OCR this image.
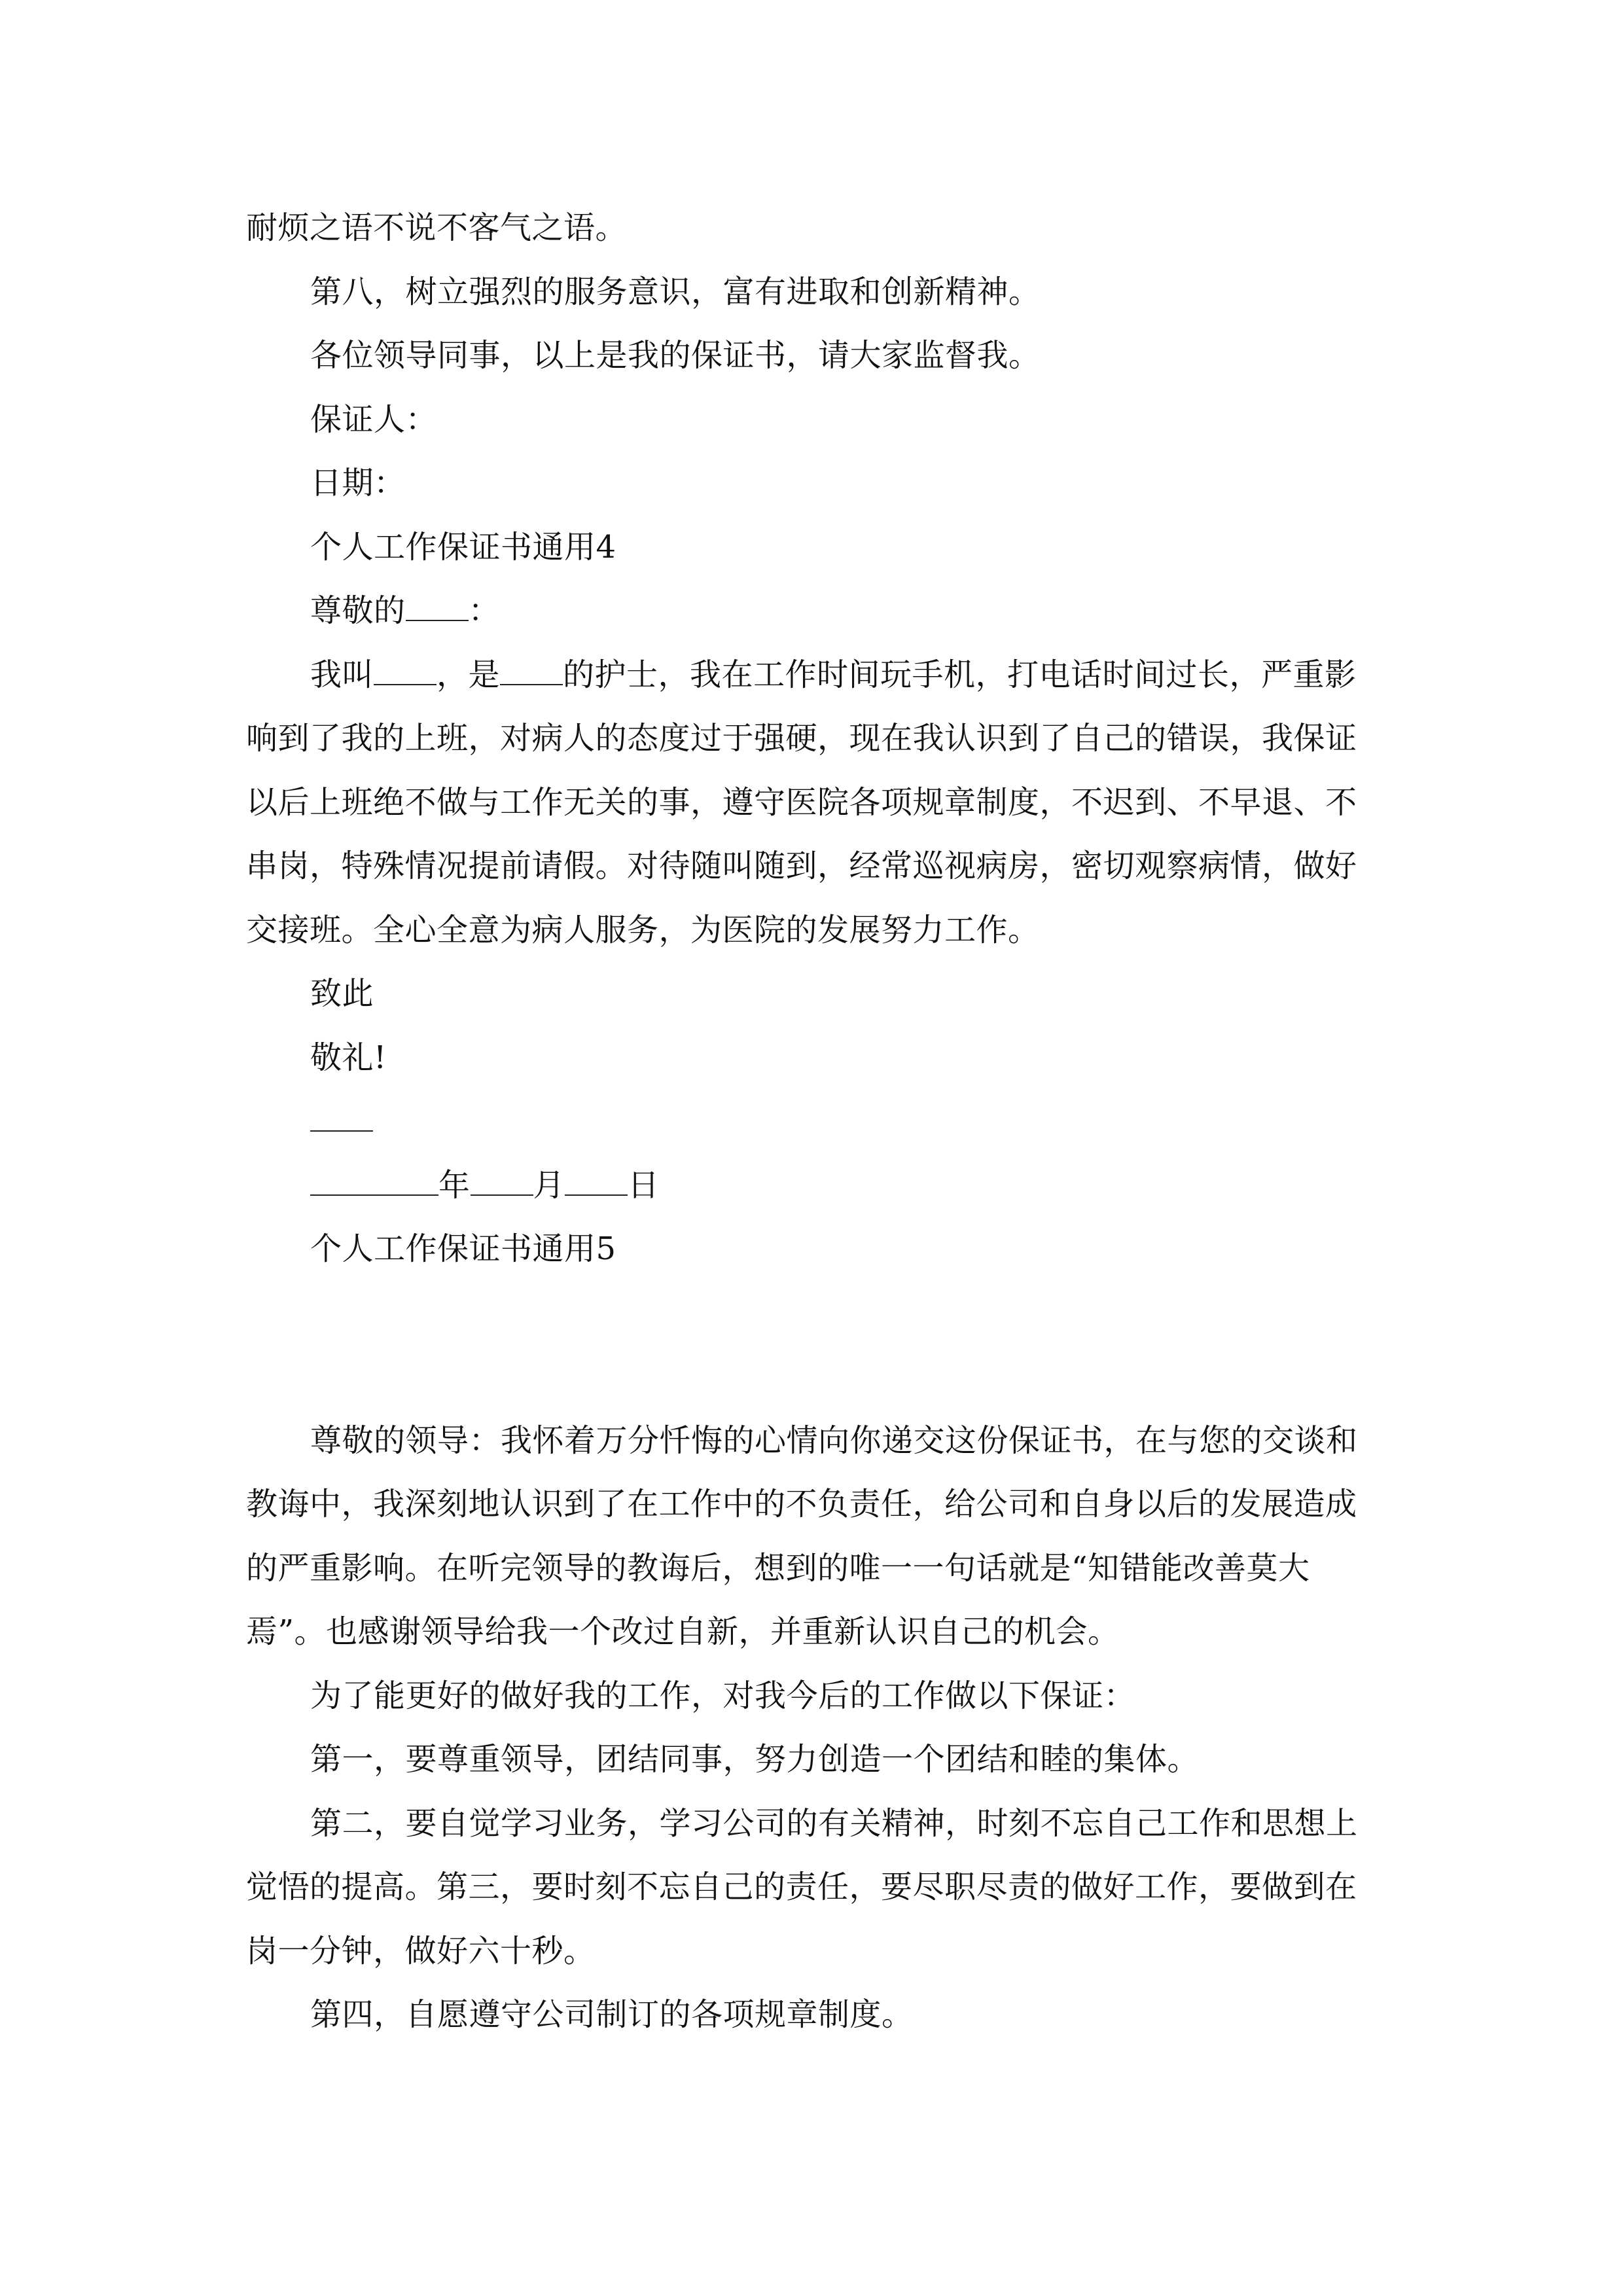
耐烦之语不说不客气之语。
第八，树立强烈的服务意识，富有进取和创新精神。
各位领导同事，以上是我的保证书，请大家监督我。
保证人：
日期：
个人工作保证书通用4
尊敬的 ：
我叫 ，是 的护士，我在工作时间玩手机，打电话时间过长，严重影
响到了我的上班，对病人的态度过于强硬，现在我认识到了自己的错误，我保证
以后上班绝不做与工作无关的事，遵守医院各项规章制度，不迟到、不早退、不
串岗，特殊情况提前请假。对待随叫随到，经常巡视病房，密切观察病情，做好
交接班。全心全意为病人服务，为医院的发展努力工作。
致此
敬礼!
年 月 日
个人工作保证书通用5
尊敬的领导：我怀着万分忏悔的心情向你递交这份保证书，在与您的交谈和
教诲中，我深刻地认识到了在工作中的不负责任，给公司和自身以后的发展造成
的严重影响。在听完领导的教诲后，想到的唯一一句话就是“知错能改善莫大
焉”。也感谢领导给我一个改过自新，并重新认识自己的机会。
为了能更好的做好我的工作，对我今后的工作做以下保证：
第一，要尊重领导，团结同事，努力创造一个团结和睦的集体。
第二，要自觉学习业务，学习公司的有关精神，时刻不忘自己工作和思想上
觉悟的提高。第三，要时刻不忘自己的责任，要尽职尽责的做好工作，要做到在
岗一分钟，做好六十秒。
第四，自愿遵守公司制订的各项规章制度。
